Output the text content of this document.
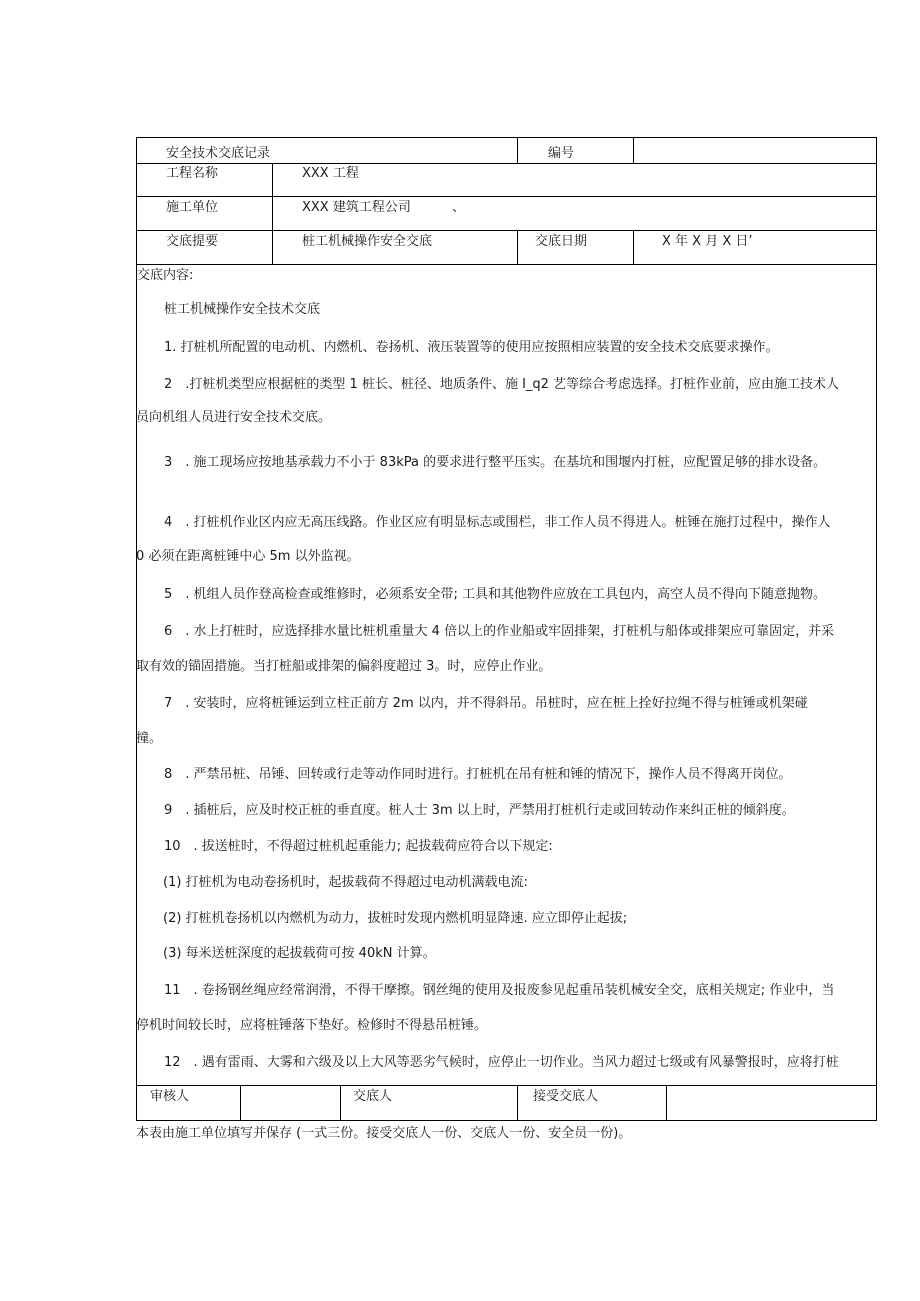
安全技术交底记录	编号
工程名称	XXX 工程
施工单位	XXX 建筑工程公司	、
交底提要	桩工机械操作安全交底	交底日期	X 年 X 月 X 日’
交底内容:
桩工机械操作安全技术交底
1. 打桩机所配置的电动机、内燃机、卷扬机、液压装置等的使用应按照相应装置的安全技术交底要求操作。
2　.打桩机类型应根据桩的类型 1 桩长、桩径、地质条件、施 I_q2 艺等综合考虑选择。打桩作业前，应由施工技术人
员向机组人员进行安全技术交底。
3　. 施工现场应按地基承载力不小于 83kPa 的要求进行整平压实。在基坑和围堰内打桩，应配置足够的排水设备。
4　. 打桩机作业区内应无高压线路。作业区应有明显标志或围栏，非工作人员不得进人。桩锤在施打过程中，操作人
0 必须在距离桩锤中心 5m 以外监视。
5　. 机组人员作登高检查或维修时，必须系安全带; 工具和其他物件应放在工具包内，高空人员不得向下随意抛物。
6　. 水上打桩时，应选择排水量比桩机重量大 4 倍以上的作业船或牢固排架，打桩机与船体或排架应可靠固定，并采
取有效的锚固措施。当打桩船或排架的偏斜度超过 3。时，应停止作业。
7　. 安装时，应将桩锤运到立柱正前方 2m 以内，并不得斜吊。吊桩时，应在桩上拴好拉绳不得与桩锤或机架碰
撞。
8　. 严禁吊桩、吊锤、回转或行走等动作同时进行。打桩机在吊有桩和锤的情况下，操作人员不得离开岗位。
9　. 插桩后，应及时校正桩的垂直度。桩人士 3m 以上时，严禁用打桩机行走或回转动作来纠正桩的倾斜度。
10　. 拔送桩时，不得超过桩机起重能力; 起拔载荷应符合以下规定:
(1) 打桩机为电动卷扬机时，起拔载荷不得超过电动机满载电流:
(2) 打桩机卷扬机以内燃机为动力，拔桩时发现内燃机明显降速. 应立即停止起拔;
(3) 每米送桩深度的起拔载荷可按 40kN 计算。
11　. 卷扬钢丝绳应经常润滑，不得干摩擦。钢丝绳的使用及报废参见起重吊装机械安全交，底相关规定; 作业中，当
停机时间较长时，应将桩锤落下垫好。检修时不得悬吊桩锤。
12　. 遇有雷雨、大雾和六级及以上大风等恶劣气候时，应停止一切作业。当风力超过七级或有风暴警报时，应将打桩
审核人	交底人	接受交底人
本表由施工单位填写并保存 (一式三份。接受交底人一份、交底人一份、安全员一份)。
